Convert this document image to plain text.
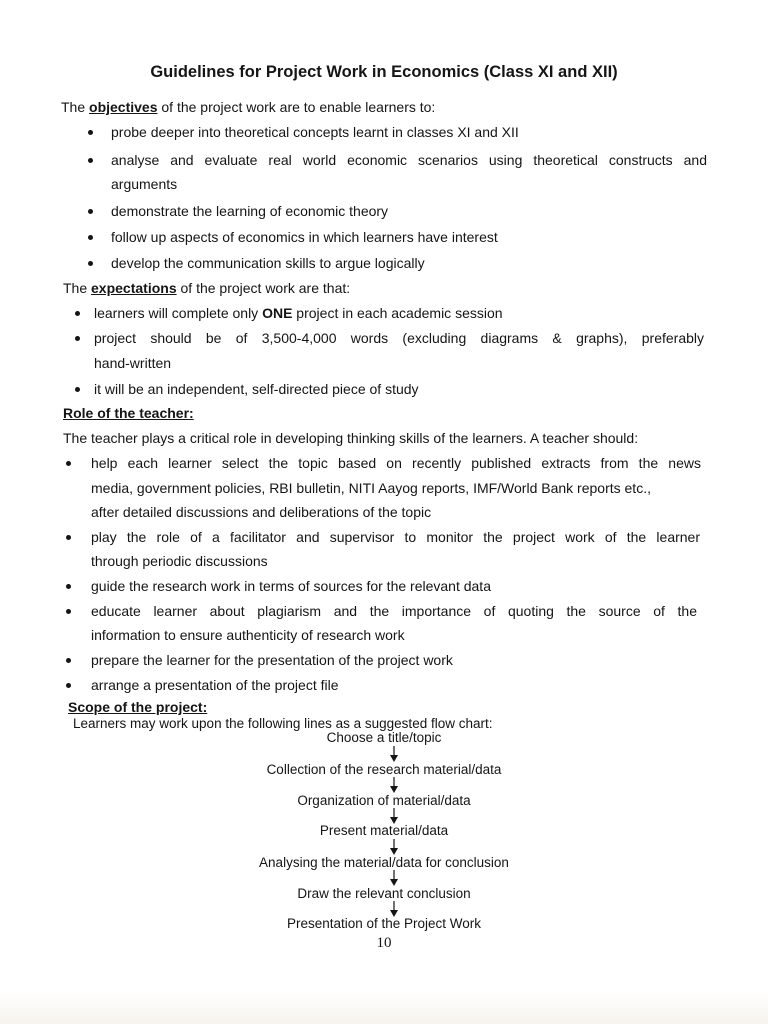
Guidelines for Project Work in Economics (Class XI and XII)
The objectives of the project work are to enable learners to:
probe deeper into theoretical concepts learnt in classes XI and XII
analyse and evaluate real world economic scenarios using theoretical constructs and
arguments
demonstrate the learning of economic theory
follow up aspects of economics in which learners have interest
develop the communication skills to argue logically
The expectations of the project work are that:
learners will complete only ONE project in each academic session
project should be of 3,500-4,000 words (excluding diagrams & graphs), preferably
hand-written
it will be an independent, self-directed piece of study
Role of the teacher:
The teacher plays a critical role in developing thinking skills of the learners. A teacher should:
help each learner select the topic based on recently published extracts from the news
media, government policies, RBI bulletin, NITI Aayog reports, IMF/World Bank reports etc.,
after detailed discussions and deliberations of the topic
play the role of a facilitator and supervisor to monitor the project work of the learner
through periodic discussions
guide the research work in terms of sources for the relevant data
educate learner about plagiarism and the importance of quoting the source of the
information to ensure authenticity of research work
prepare the learner for the presentation of the project work
arrange a presentation of the project file
Scope of the project:
Learners may work upon the following lines as a suggested flow chart:
Choose a title/topic
Collection of the research material/data
Organization of material/data
Present material/data
Analysing the material/data for conclusion
Draw the relevant conclusion
Presentation of the Project Work
10
